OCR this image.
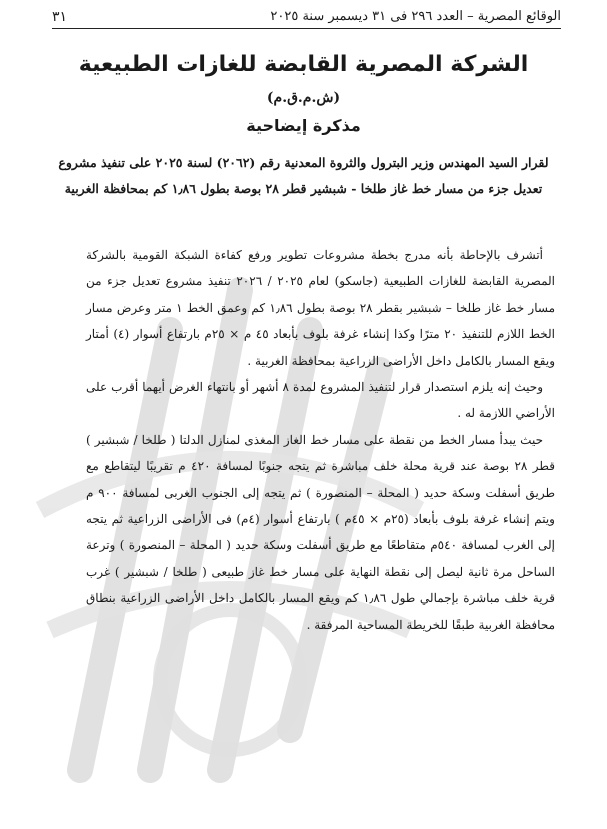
الوقائع المصرية – العدد ٢٩٦ فى ٣١ ديسمبر سنة ٢٠٢٥
٣١
الشركة المصرية القابضة للغازات الطبيعية
(ش.م.ق.م)
مذكرة إيضاحية
لقرار السيد المهندس وزير البترول والثروة المعدنية رقم (٢٠٦٢) لسنة ٢٠٢٥ على تنفيذ مشروع تعديل جزء من مسار خط غاز طلخا - شبشير قطر ٢٨ بوصة بطول ١٫٨٦ كم بمحافظة الغربية

أتشرف بالإحاطة بأنه مدرج بخطة مشروعات تطوير ورفع كفاءة الشبكة القومية بالشركة المصرية القابضة للغازات الطبيعية (جاسكو) لعام ٢٠٢٥ / ٢٠٢٦ تنفيذ مشروع تعديل جزء من مسار خط غاز طلخا – شبشير بقطر ٢٨ بوصة بطول ١٫٨٦ كم وعمق الخط ١ متر وعرض مسار الخط اللازم للتنفيذ ٢٠ مترًا وكذا إنشاء غرفة بلوف بأبعاد ٤٥ م × ٢٥م بارتفاع أسوار (٤) أمتار ويقع المسار بالكامل داخل الأراضى الزراعية بمحافظة الغربية .

وحيث إنه يلزم استصدار قرار لتنفيذ المشروع لمدة ٨ أشهر أو بانتهاء الغرض أيهما أقرب على الأراضي اللازمة له .

حيث يبدأ مسار الخط من نقطة على مسار خط الغاز المغذى لمنازل الدلتا ( طلخا / شبشير ) قطر ٢٨ بوصة عند قرية محلة خلف مباشرة ثم يتجه جنوبًا لمسافة ٤٢٠ م تقريبًا ليتقاطع مع طريق أسفلت وسكة حديد ( المحلة – المنصورة ) ثم يتجه إلى الجنوب الغربى لمسافة ٩٠٠ م ويتم إنشاء غرفة بلوف بأبعاد (٢٥م × ٤٥م ) بارتفاع أسوار (٤م) فى الأراضى الزراعية ثم يتجه إلى الغرب لمسافة ٥٤٠م متقاطعًا مع طريق أسفلت وسكة حديد ( المحلة – المنصورة ) وترعة الساحل مرة ثانية ليصل إلى نقطة النهاية على مسار خط غاز طبيعى ( طلخا / شبشير ) غرب قرية خلف مباشرة بإجمالي طول ١٫٨٦ كم ويقع المسار بالكامل داخل الأراضى الزراعية بنطاق محافظة الغربية طبقًا للخريطة المساحية المرفقة .
